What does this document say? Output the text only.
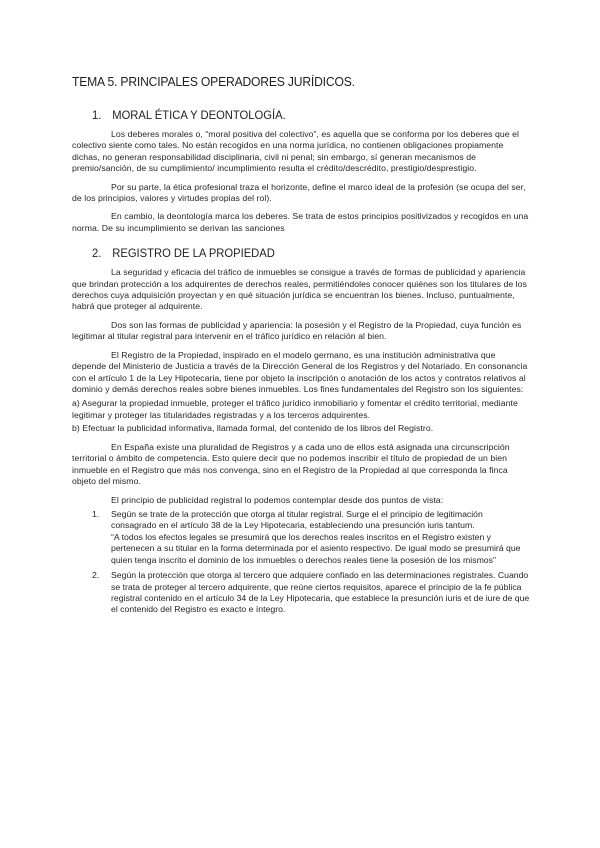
TEMA 5. PRINCIPALES OPERADORES JURÍDICOS.
1. MORAL ÉTICA Y DEONTOLOGÍA.

Los deberes morales o, “moral positiva del colectivo”, es aquella que se conforma por los deberes que el colectivo siente como tales. No están recogidos en una norma jurídica, no contienen obligaciones propiamente dichas, no generan responsabilidad disciplinaria, civil ni penal; sin embargo, sí generan mecanismos de premio/sanción, de su cumplimiento/ incumplimiento resulta el crédito/descrédito, prestigio/desprestigio.

Por su parte, la ética profesional traza el horizonte, define el marco ideal de la profesión (se ocupa del ser, de los principios, valores y virtudes propias del rol).

En cambio, la deontología marca los deberes. Se trata de estos principios positivizados y recogidos en una norma. De su incumplimiento se derivan las sanciones

2. REGISTRO DE LA PROPIEDAD

La seguridad y eficacia del tráfico de inmuebles se consigue a través de formas de publicidad y apariencia que brindan protección a los adquirentes de derechos reales, permitiéndoles conocer quiénes son los titulares de los derechos cuya adquisición proyectan y en qué situación jurídica se encuentran los bienes. Incluso, puntualmente, habrá que proteger al adquirente.

Dos son las formas de publicidad y apariencia: la posesión y el Registro de la Propiedad, cuya función es legitimar al titular registral para intervenir en el tráfico jurídico en relación al bien.

El Registro de la Propiedad, inspirado en el modelo germano, es una institución administrativa que depende del Ministerio de Justicia a través de la Dirección General de los Registros y del Notariado. En consonancia con el artículo 1 de la Ley Hipotecaria, tiene por objeto la inscripción o anotación de los actos y contratos relativos al dominio y demás derechos reales sobre bienes inmuebles. Los fines fundamentales del Registro son los siguientes:

a) Asegurar la propiedad inmueble, proteger el tráfico jurídico inmobiliario y fomentar el crédito territorial, mediante legitimar y proteger las titularidades registradas y a los terceros adquirentes.

b) Efectuar la publicidad informativa, llamada formal, del contenido de los libros del Registro.

En España existe una pluralidad de Registros y a cada uno de ellos está asignada una circunscripción territorial o ámbito de competencia. Esto quiere decir que no podemos inscribir el título de propiedad de un bien inmueble en el Registro que más nos convenga, sino en el Registro de la Propiedad al que corresponda la finca objeto del mismo.

El principio de publicidad registral lo podemos contemplar desde dos puntos de vista:

1. Según se trate de la protección que otorga al titular registral. Surge el el principio de legitimación consagrado en el artículo 38 de la Ley Hipotecaria, estableciendo una presunción iuris tantum.
“A todos los efectos legales se presumirá que los derechos reales inscritos en el Registro existen y pertenecen a su titular en la forma determinada por el asiento respectivo. De igual modo se presumirá que quien tenga inscrito el dominio de los inmuebles o derechos reales tiene la posesión de los mismos”
2. Según la protección que otorga al tercero que adquiere confiado en las determinaciones registrales. Cuando se trata de proteger al tercero adquirente, que reúne ciertos requisitos, aparece el principio de la fe pública registral contenido en el artículo 34 de la Ley Hipotecaria, que establece la presunción iuris et de iure de que el contenido del Registro es exacto e íntegro.
